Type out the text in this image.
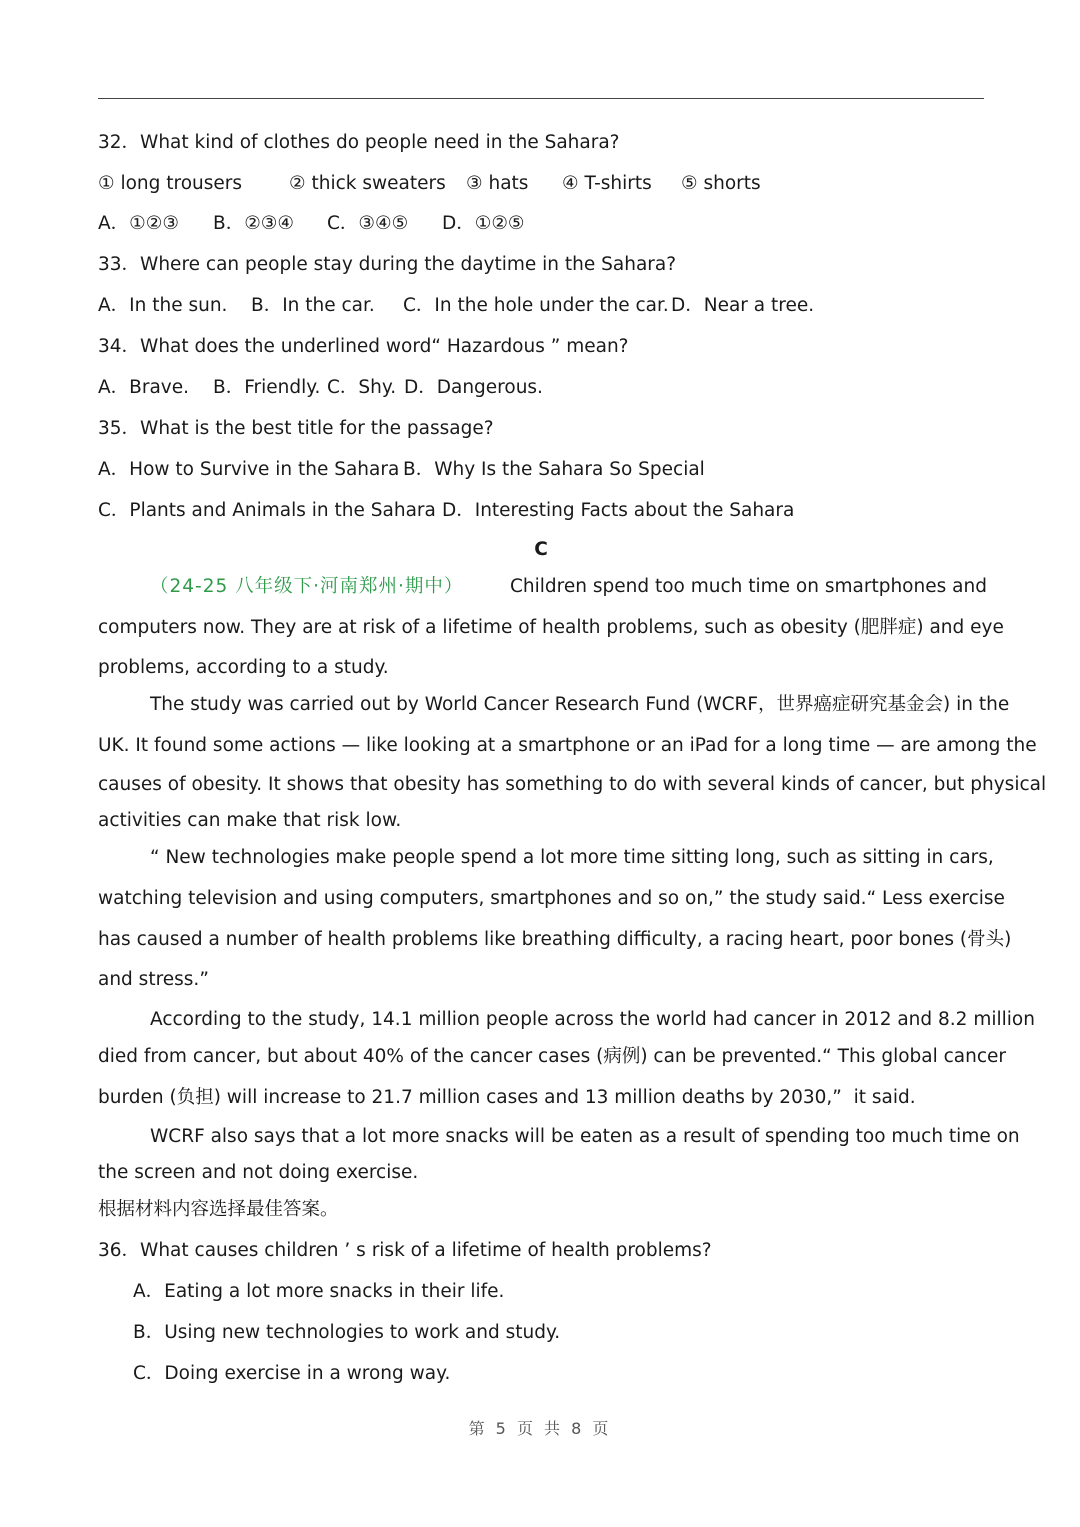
32．What kind of clothes do people need in the Sahara?
① long trousers	② thick sweaters ③ hats ④ T-shirts ⑤ shorts
A．①②③ B．②③④ C．③④⑤ D．①②⑤
33．Where can people stay during the daytime in the Sahara?
A．In the sun. B．In the car. C．In the hole under the car. D．Near a tree.
34．What does the underlined word“ Hazardous ” mean?
A．Brave. B．Friendly. C．Shy. D．Dangerous.
35．What is the best title for the passage?
A．How to Survive in the Sahara B．Why Is the Sahara So Special
C．Plants and Animals in the Sahara D．Interesting Facts about the Sahara
C
（24-25 八年级下·河南郑州·期中）	Children spend too much time on smartphones and
computers now. They are at risk of a lifetime of health problems, such as obesity (肥胖症) and eye
problems, according to a study.
The study was carried out by World Cancer Research Fund (WCRF，世界癌症研究基金会) in the
UK. It found some actions — like looking at a smartphone or an iPad for a long time — are among the
causes of obesity. It shows that obesity has something to do with several kinds of cancer, but physical
activities can make that risk low.
“ New technologies make people spend a lot more time sitting long, such as sitting in cars,
watching television and using computers, smartphones and so on,” the study said.“ Less exercise
has caused a number of health problems like breathing difficulty, a racing heart, poor bones (骨头)
and stress.”
According to the study, 14.1 million people across the world had cancer in 2012 and 8.2 million
died from cancer, but about 40% of the cancer cases (病例) can be prevented.“ This global cancer
burden (负担) will increase to 21.7 million cases and 13 million deaths by 2030,”  it said.
WCRF also says that a lot more snacks will be eaten as a result of spending too much time on
the screen and not doing exercise.
根据材料内容选择最佳答案。
36．What causes children ’ s risk of a lifetime of health problems?
A．Eating a lot more snacks in their life.
B．Using new technologies to work and study.
C．Doing exercise in a wrong way.
第 5 页 共 8 页
